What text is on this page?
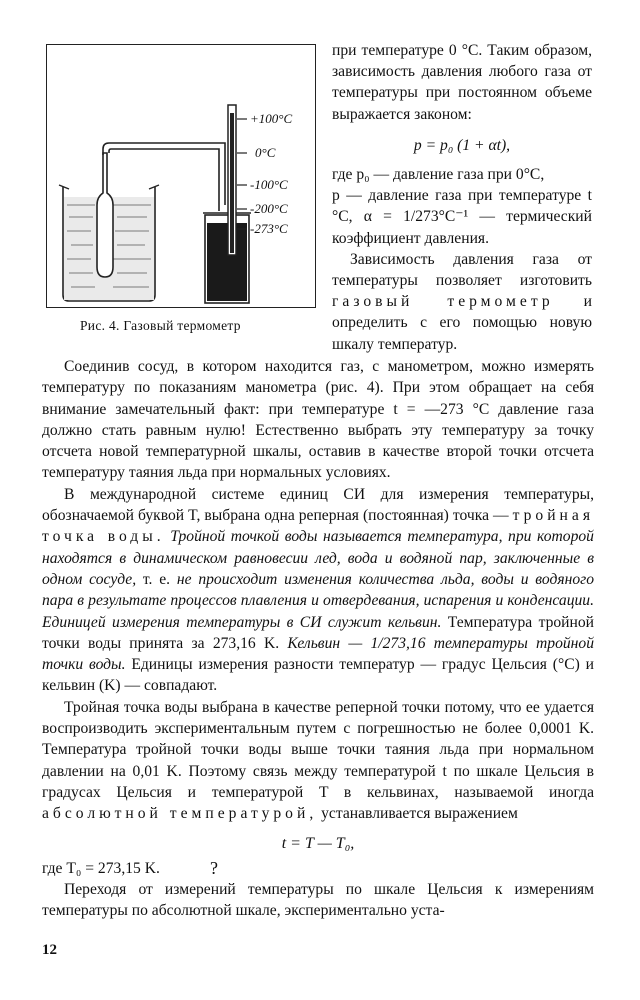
+100°C
0°C
-100°C
-200°C
-273°C
Рис. 4. Газовый термометр

при температуре 0 °С. Таким образом, зависимость давления любого газа от температуры при постоянном объеме выражается законом:

p = p₀ (1 + αt),

где p₀ — давление газа при 0°С,

p — давление газа при температуре t °С, α = 1/273°С⁻¹ — термический коэффициент давления.

Зависимость давления газа от температуры позволяет изготовить газовый термометр и определить с его помощью новую шкалу температур.

Соединив сосуд, в котором находится газ, с манометром, можно измерять температуру по показаниям манометра (рис. 4). При этом обращает на себя внимание замечательный факт: при температуре t = —273 °С давление газа должно стать равным нулю! Естественно выбрать эту температуру за точку отсчета новой температурной шкалы, оставив в качестве второй точки отсчета температуру таяния льда при нормальных условиях.

В международной системе единиц СИ для измерения температуры, обозначаемой буквой T, выбрана одна реперная (постоянная) точка — тройная точка воды. Тройной точкой воды называется температура, при которой находятся в динамическом равновесии лед, вода и водяной пар, заключенные в одном сосуде, т. е. не происходит изменения количества льда, воды и водяного пара в результате процессов плавления и отвердевания, испарения и конденсации. Единицей измерения температуры в СИ служит кельвин. Температура тройной точки воды принята за 273,16 K. Кельвин — 1/273,16 температуры тройной точки воды. Единицы измерения разности температур — градус Цельсия (°С) и кельвин (K) — совпадают.

Тройная точка воды выбрана в качестве реперной точки потому, что ее удается воспроизводить экспериментальным путем с погрешностью не более 0,0001 K. Температура тройной точки воды выше точки таяния льда при нормальном давлении на 0,01 K. Поэтому связь между температурой t по шкале Цельсия в градусах Цельсия и температурой T в кельвинах, называемой иногда абсолютной температурой, устанавливается выражением

t = T — T₀,

где T₀ = 273,15 K.

Переходя от измерений температуры по шкале Цельсия к измерениям температуры по абсолютной шкале, экспериментально уста-

?
12
